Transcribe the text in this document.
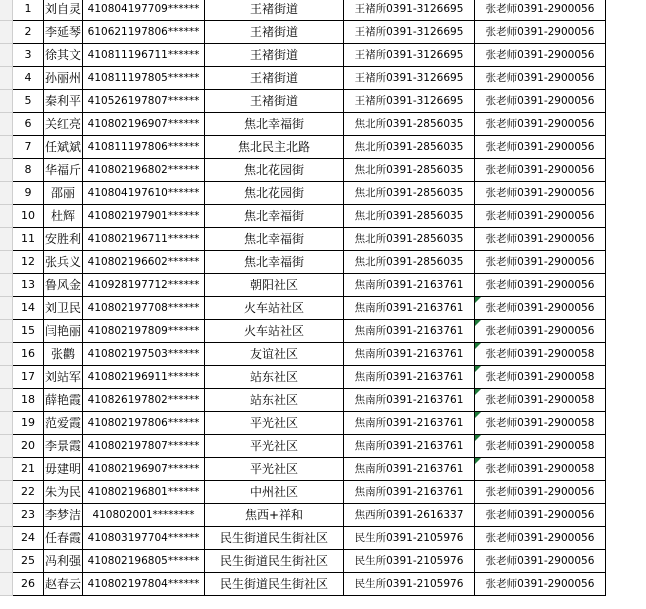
	1	刘自灵	410804197709******	王褚街道	王褚所0391-3126695	张老师0391-2900056
	2	李延琴	610621197806******	王褚街道	王褚所0391-3126695	张老师0391-2900056
	3	徐其文	410811196711******	王褚街道	王褚所0391-3126695	张老师0391-2900056
	4	孙丽州	410811197805******	王褚街道	王褚所0391-3126695	张老师0391-2900056
	5	秦利平	410526197807******	王褚街道	王褚所0391-3126695	张老师0391-2900056
	6	关红亮	410802196907******	焦北幸福街	焦北所0391-2856035	张老师0391-2900056
	7	任斌斌	410811197806******	焦北民主北路	焦北所0391-2856035	张老师0391-2900056
	8	华福斤	410802196802******	焦北花园街	焦北所0391-2856035	张老师0391-2900056
	9	邵丽	410804197610******	焦北花园街	焦北所0391-2856035	张老师0391-2900056
	10	杜辉	410802197901******	焦北幸福街	焦北所0391-2856035	张老师0391-2900056
	11	安胜利	410802196711******	焦北幸福街	焦北所0391-2856035	张老师0391-2900056
	12	张兵义	410802196602******	焦北幸福街	焦北所0391-2856035	张老师0391-2900056
	13	鲁风金	410928197712******	朝阳社区	焦南所0391-2163761	张老师0391-2900056
	14	刘卫民	410802197708******	火车站社区	焦南所0391-2163761	张老师0391-2900056
	15	闫艳丽	410802197809******	火车站社区	焦南所0391-2163761	张老师0391-2900056
	16	张鹳	410802197503******	友谊社区	焦南所0391-2163761	张老师0391-2900058
	17	刘站军	410802196911******	站东社区	焦南所0391-2163761	张老师0391-2900058
	18	薛艳霞	410826197802******	站东社区	焦南所0391-2163761	张老师0391-2900058
	19	范爱霞	410802197806******	平光社区	焦南所0391-2163761	张老师0391-2900058
	20	李景霞	410802197807******	平光社区	焦南所0391-2163761	张老师0391-2900058
	21	毋建明	410802196907******	平光社区	焦南所0391-2163761	张老师0391-2900058
	22	朱为民	410802196801******	中州社区	焦南所0391-2163761	张老师0391-2900056
	23	李梦洁	410802001********	焦西+祥和	焦西所0391-2616337	张老师0391-2900056
	24	任春霞	410803197704******	民生街道民生街社区	民生所0391-2105976	张老师0391-2900056
	25	冯利强	410802196805******	民生街道民生街社区	民生所0391-2105976	张老师0391-2900056
	26	赵春云	410802197804******	民生街道民生街社区	民生所0391-2105976	张老师0391-2900056
